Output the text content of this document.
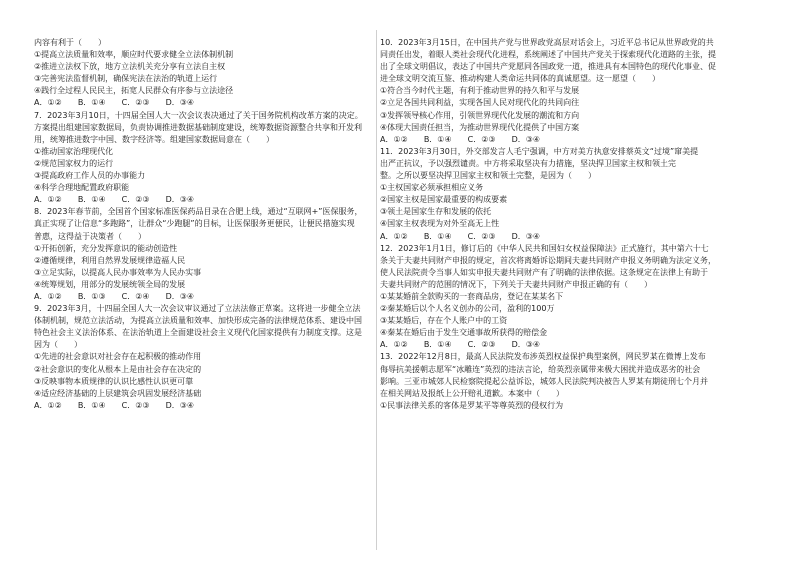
内容有利于（　　）
①提高立法质量和效率，顺应时代要求健全立法体制机制
②推进立法权下放，地方立法机关充分享有立法自主权
③完善宪法监督机制，确保宪法在法治的轨道上运行
④践行全过程人民民主，拓宽人民群众有序参与立法途径
A．①②　　B．①④　　C．②③　　D．③④
7．2023年3月10日，十四届全国人大一次会议表决通过了关于国务院机构改革方案的决定。
方案提出组建国家数据局，负责协调推进数据基础制度建设，统筹数据资源整合共享和开发利
用，统筹推进数字中国、数字经济等。组建国家数据局意在（　　）
①推动国家治理现代化
②规范国家权力的运行
③提高政府工作人员的办事能力
④科学合理地配置政府职能
A．①②　　B．①④　　C．②③　　D．③④
8．2023年春节前，全国首个国家标准医保药品目录在合肥上线，通过“互联网+”医保服务，
真正实现了让信息“多跑路”，让群众“少跑腿”的目标，让医保服务更便民，让便民措施实现
普惠，这得益于决策者（　　）
①开拓创新，充分发挥意识的能动创造性
②遵循规律，利用自然界发展规律造福人民
③立足实际，以提高人民办事效率为人民办实事
④统筹规划，用部分的发展统领全局的发展
A．①②　　B．①③　　C．②④　　D．③④
9．2023年3月，十四届全国人大一次会议审议通过了立法法修正草案。这将进一步健全立法
体制机制，规范立法活动，为提高立法质量和效率、加快形成完备的法律规范体系、建设中国
特色社会主义法治体系、在法治轨道上全面建设社会主义现代化国家提供有力制度支撑。这是
因为（　　）
①先进的社会意识对社会存在起积极的推动作用
②社会意识的变化从根本上是由社会存在决定的
③反映事物本质规律的认识比感性认识更可靠
④适应经济基础的上层建筑会巩固发展经济基础
A．①②　　B．①④　　C．②③　　D．③④
10．2023年3月15日，在中国共产党与世界政党高层对话会上，习近平总书记从世界政党的共
同责任出发，着眼人类社会现代化进程，系统阐述了中国共产党关于探索现代化道路的主张，提
出了全球文明倡议，表达了中国共产党愿同各国政党一道，推进具有本国特色的现代化事业、促
进全球文明交流互鉴、推动构建人类命运共同体的真诚愿望。这一愿望（　　）
①符合当今时代主题，有利于推动世界的持久和平与发展
②立足各国共同利益，实现各国人民对现代化的共同向往
③发挥领导核心作用，引领世界现代化发展的潮流和方向
④体现大国责任担当，为推动世界现代化提供了中国方案
A．①②　　B．①④　　C．②③　　D．③④
11．2023年3月30日，外交部发言人毛宁强调，中方对美方执意安排蔡英文“过境”窜美提
出严正抗议，予以强烈谴责。中方将采取坚决有力措施，坚决捍卫国家主权和领土完
整。之所以要坚决捍卫国家主权和领土完整，是因为（　　）
①主权国家必须承担相应义务
②国家主权是国家最重要的构成要素
③领土是国家生存和发展的依托
④国家主权表现为对外至高无上性
A．①②　　B．①④　　C．②③　　D．③④
12．2023年1月1日，修订后的《中华人民共和国妇女权益保障法》正式施行，其中第六十七
条关于夫妻共同财产申报的规定，首次将离婚诉讼期间夫妻共同财产申报义务明确为法定义务，
使人民法院责令当事人如实申报夫妻共同财产有了明确的法律依据。这条规定在法律上有助于
夫妻共同财产的范围的情况下，下列关于夫妻共同财产申报正确的有（　　）
①某某婚前全款购买的一套商品房，登记在某某名下
②秦某婚后以个人名义创办的公司，盈利的100万
③某某婚后，存在个人账户中的工资
④秦某在婚后由于发生交通事故所获得的赔偿金
A．①②　　B．①④　　C．②③　　D．③④
13．2022年12月8日，最高人民法院发布涉英烈权益保护典型案例，网民罗某在微博上发布
侮辱抗美援朝志愿军“冰雕连”英烈的违法言论，给英烈亲属带来极大困扰并造成恶劣的社会
影响。三亚市城郊人民检察院提起公益诉讼，城郊人民法院判决被告人罗某有期徒刑七个月并
在相关网站及报纸上公开赔礼道歉。本案中（　　）
①民事法律关系的客体是罗某平等尊英烈的侵权行为
